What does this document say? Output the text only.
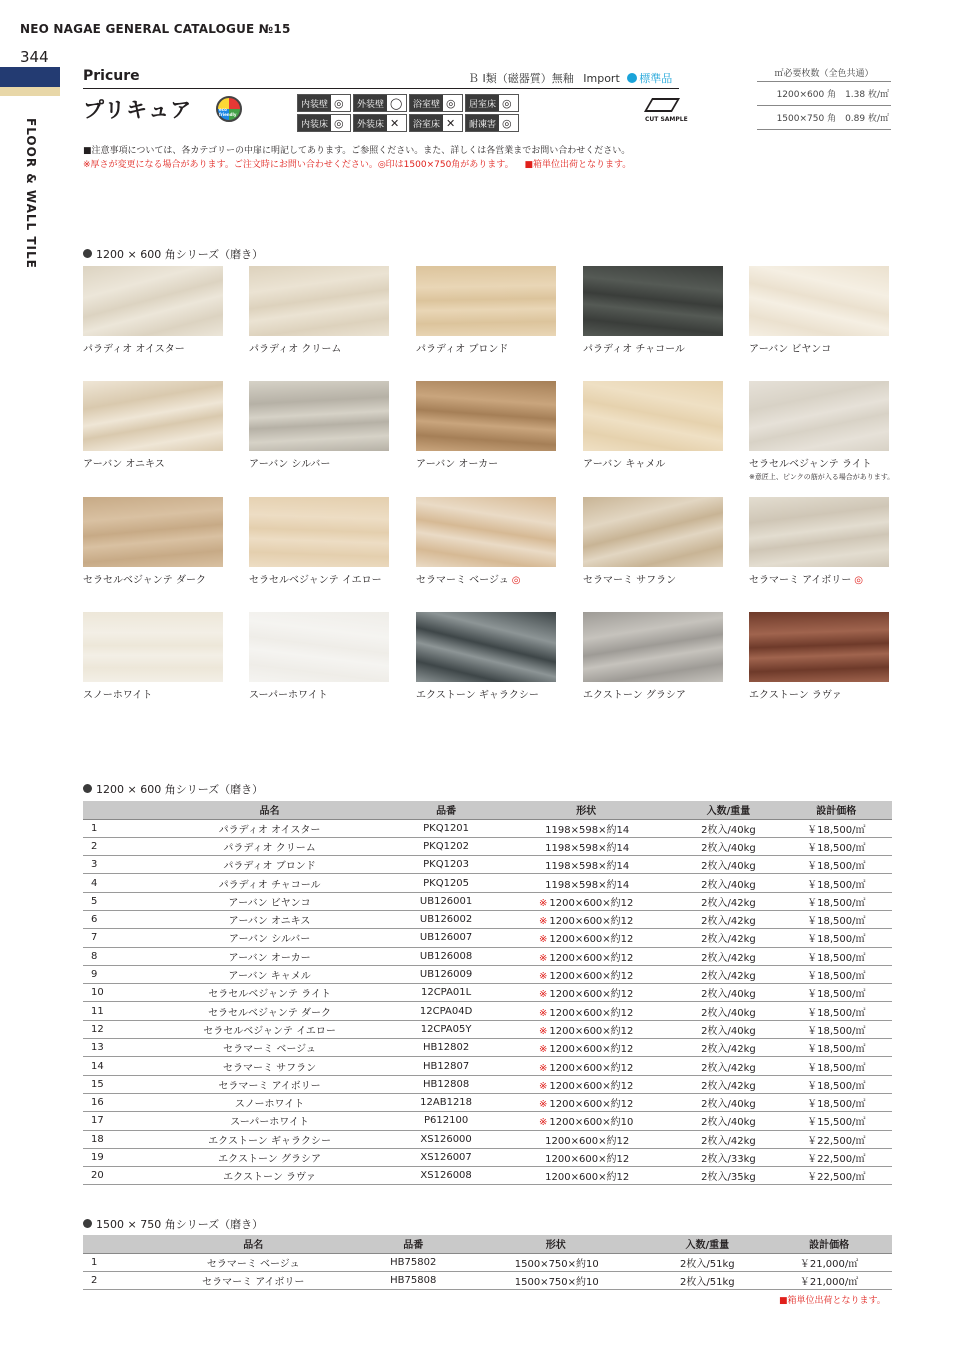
NEO NAGAE GENERAL CATALOGUE №15
344
FLOOR & WALL TILE
Pricure	Ｂ Ⅰ類（磁器質）無釉 Import 標準品
プリキュア	eco friendly
内装壁 ◎	外装壁 ◯	浴室壁 ◎	居室床 ◎
内装床 ◎	外装床 ✕	浴室床 ✕	耐凍害 ◎	CUT SAMPLE
㎡必要枚数（全色共通）
1200×600 角　1.38 枚/㎡
1500×750 角　0.89 枚/㎡
■注意事項については、各カテゴリーの中扉に明記してあります。ご参照ください。また、詳しくは各営業までお問い合わせください。
※厚さが変更になる場合があります。ご注文時にお問い合わせください。◎印は1500×750角があります。 ■箱単位出荷となります。
1200 × 600 角シリーズ（磨き）
パラディオ オイスター	パラディオ クリーム	パラディオ ブロンド	パラディオ チャコール	アーバン ビヤンコ
アーバン オニキス	アーバン シルバー	アーバン オーカー	アーバン キャメル	セラセルベジャンテ ライト
※意匠上、ピンクの筋が入る場合があります。
セラセルベジャンテ ダーク	セラセルベジャンテ イエロー	セラマーミ ベージュ ◎	セラマーミ サフラン	セラマーミ アイボリー ◎
スノーホワイト	スーパーホワイト	エクストーン ギャラクシー	エクストーン グラシア	エクストーン ラヴァ
1200 × 600 角シリーズ（磨き）
	品名	品番	形状	入数/重量	設計価格
1	パラディオ オイスター	PKQ1201	1198×598×約14	2枚入/40kg	￥18,500/㎡
2	パラディオ クリーム	PKQ1202	1198×598×約14	2枚入/40kg	￥18,500/㎡
3	パラディオ ブロンド	PKQ1203	1198×598×約14	2枚入/40kg	￥18,500/㎡
4	パラディオ チャコール	PKQ1205	1198×598×約14	2枚入/40kg	￥18,500/㎡
5	アーバン ビヤンコ	UB126001	※ 1200×600×約12	2枚入/42kg	￥18,500/㎡
6	アーバン オニキス	UB126002	※ 1200×600×約12	2枚入/42kg	￥18,500/㎡
7	アーバン シルバー	UB126007	※ 1200×600×約12	2枚入/42kg	￥18,500/㎡
8	アーバン オーカー	UB126008	※ 1200×600×約12	2枚入/42kg	￥18,500/㎡
9	アーバン キャメル	UB126009	※ 1200×600×約12	2枚入/42kg	￥18,500/㎡
10	セラセルベジャンテ ライト	12CPA01L	※ 1200×600×約12	2枚入/40kg	￥18,500/㎡
11	セラセルベジャンテ ダーク	12CPA04D	※ 1200×600×約12	2枚入/40kg	￥18,500/㎡
12	セラセルベジャンテ イエロー	12CPA05Y	※ 1200×600×約12	2枚入/40kg	￥18,500/㎡
13	セラマーミ ベージュ	HB12802	※ 1200×600×約12	2枚入/42kg	￥18,500/㎡
14	セラマーミ サフラン	HB12807	※ 1200×600×約12	2枚入/42kg	￥18,500/㎡
15	セラマーミ アイボリー	HB12808	※ 1200×600×約12	2枚入/42kg	￥18,500/㎡
16	スノーホワイト	12AB1218	※ 1200×600×約12	2枚入/40kg	￥18,500/㎡
17	スーパーホワイト	P612100	※ 1200×600×約10	2枚入/40kg	￥15,500/㎡
18	エクストーン ギャラクシー	XS126000	1200×600×約12	2枚入/42kg	￥22,500/㎡
19	エクストーン グラシア	XS126007	1200×600×約12	2枚入/33kg	￥22,500/㎡
20	エクストーン ラヴァ	XS126008	1200×600×約12	2枚入/35kg	￥22,500/㎡
1500 × 750 角シリーズ（磨き）
	品名	品番	形状	入数/重量	設計価格
1	セラマーミ ベージュ	HB75802	1500×750×約10	2枚入/51kg	￥21,000/㎡
2	セラマーミ アイボリー	HB75808	1500×750×約10	2枚入/51kg	￥21,000/㎡
■箱単位出荷となります。
